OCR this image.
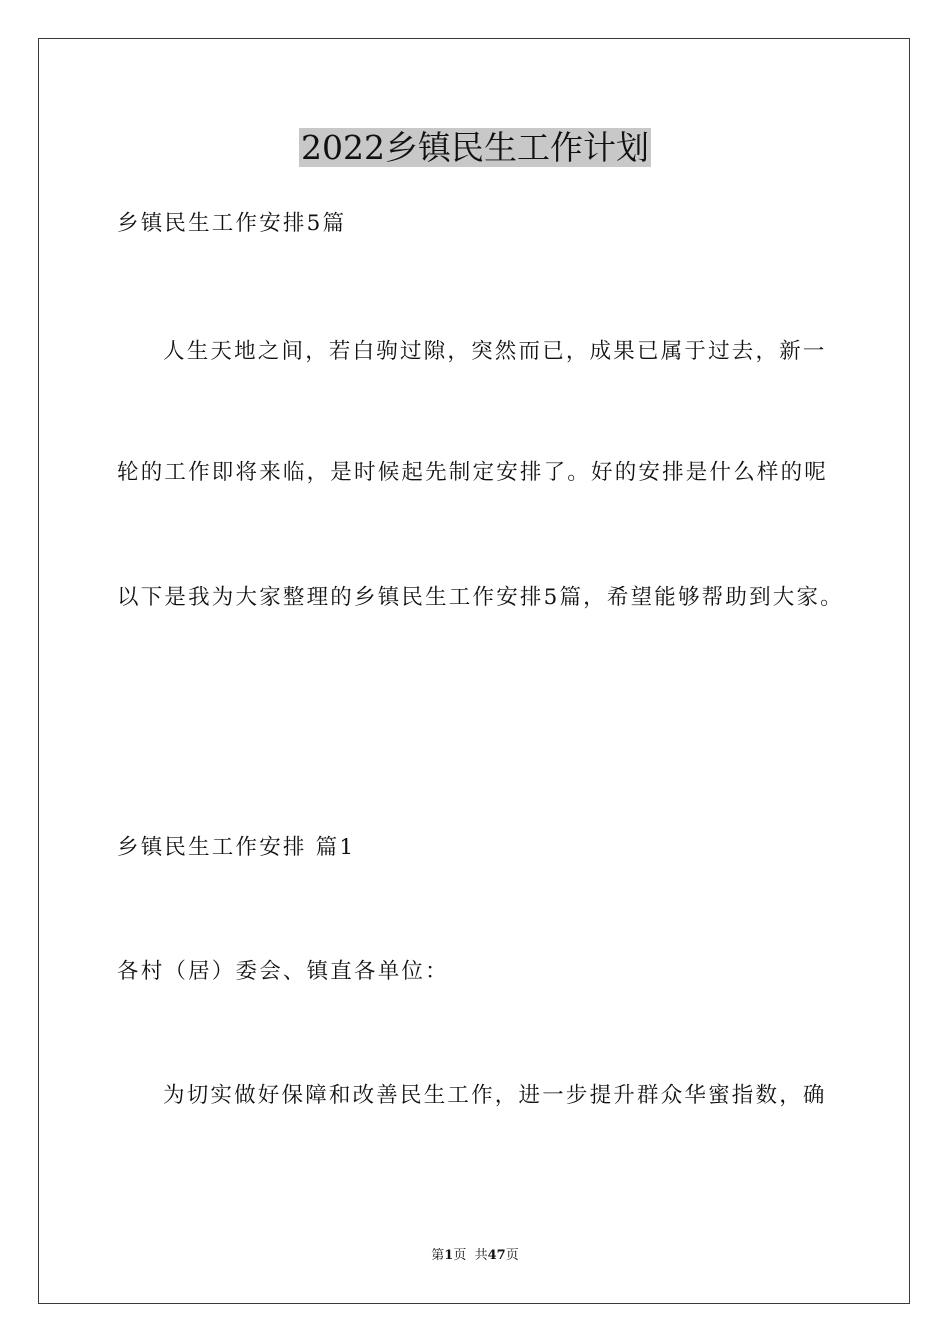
2022乡镇民生工作计划
乡镇民生工作安排5篇
人生天地之间，若白驹过隙，突然而已，成果已属于过去，新一
轮的工作即将来临，是时候起先制定安排了。好的安排是什么样的呢
以下是我为大家整理的乡镇民生工作安排5篇，希望能够帮助到大家。
乡镇民生工作安排 篇1
各村（居）委会、镇直各单位：
为切实做好保障和改善民生工作，进一步提升群众华蜜指数，确
第1页  共47页
